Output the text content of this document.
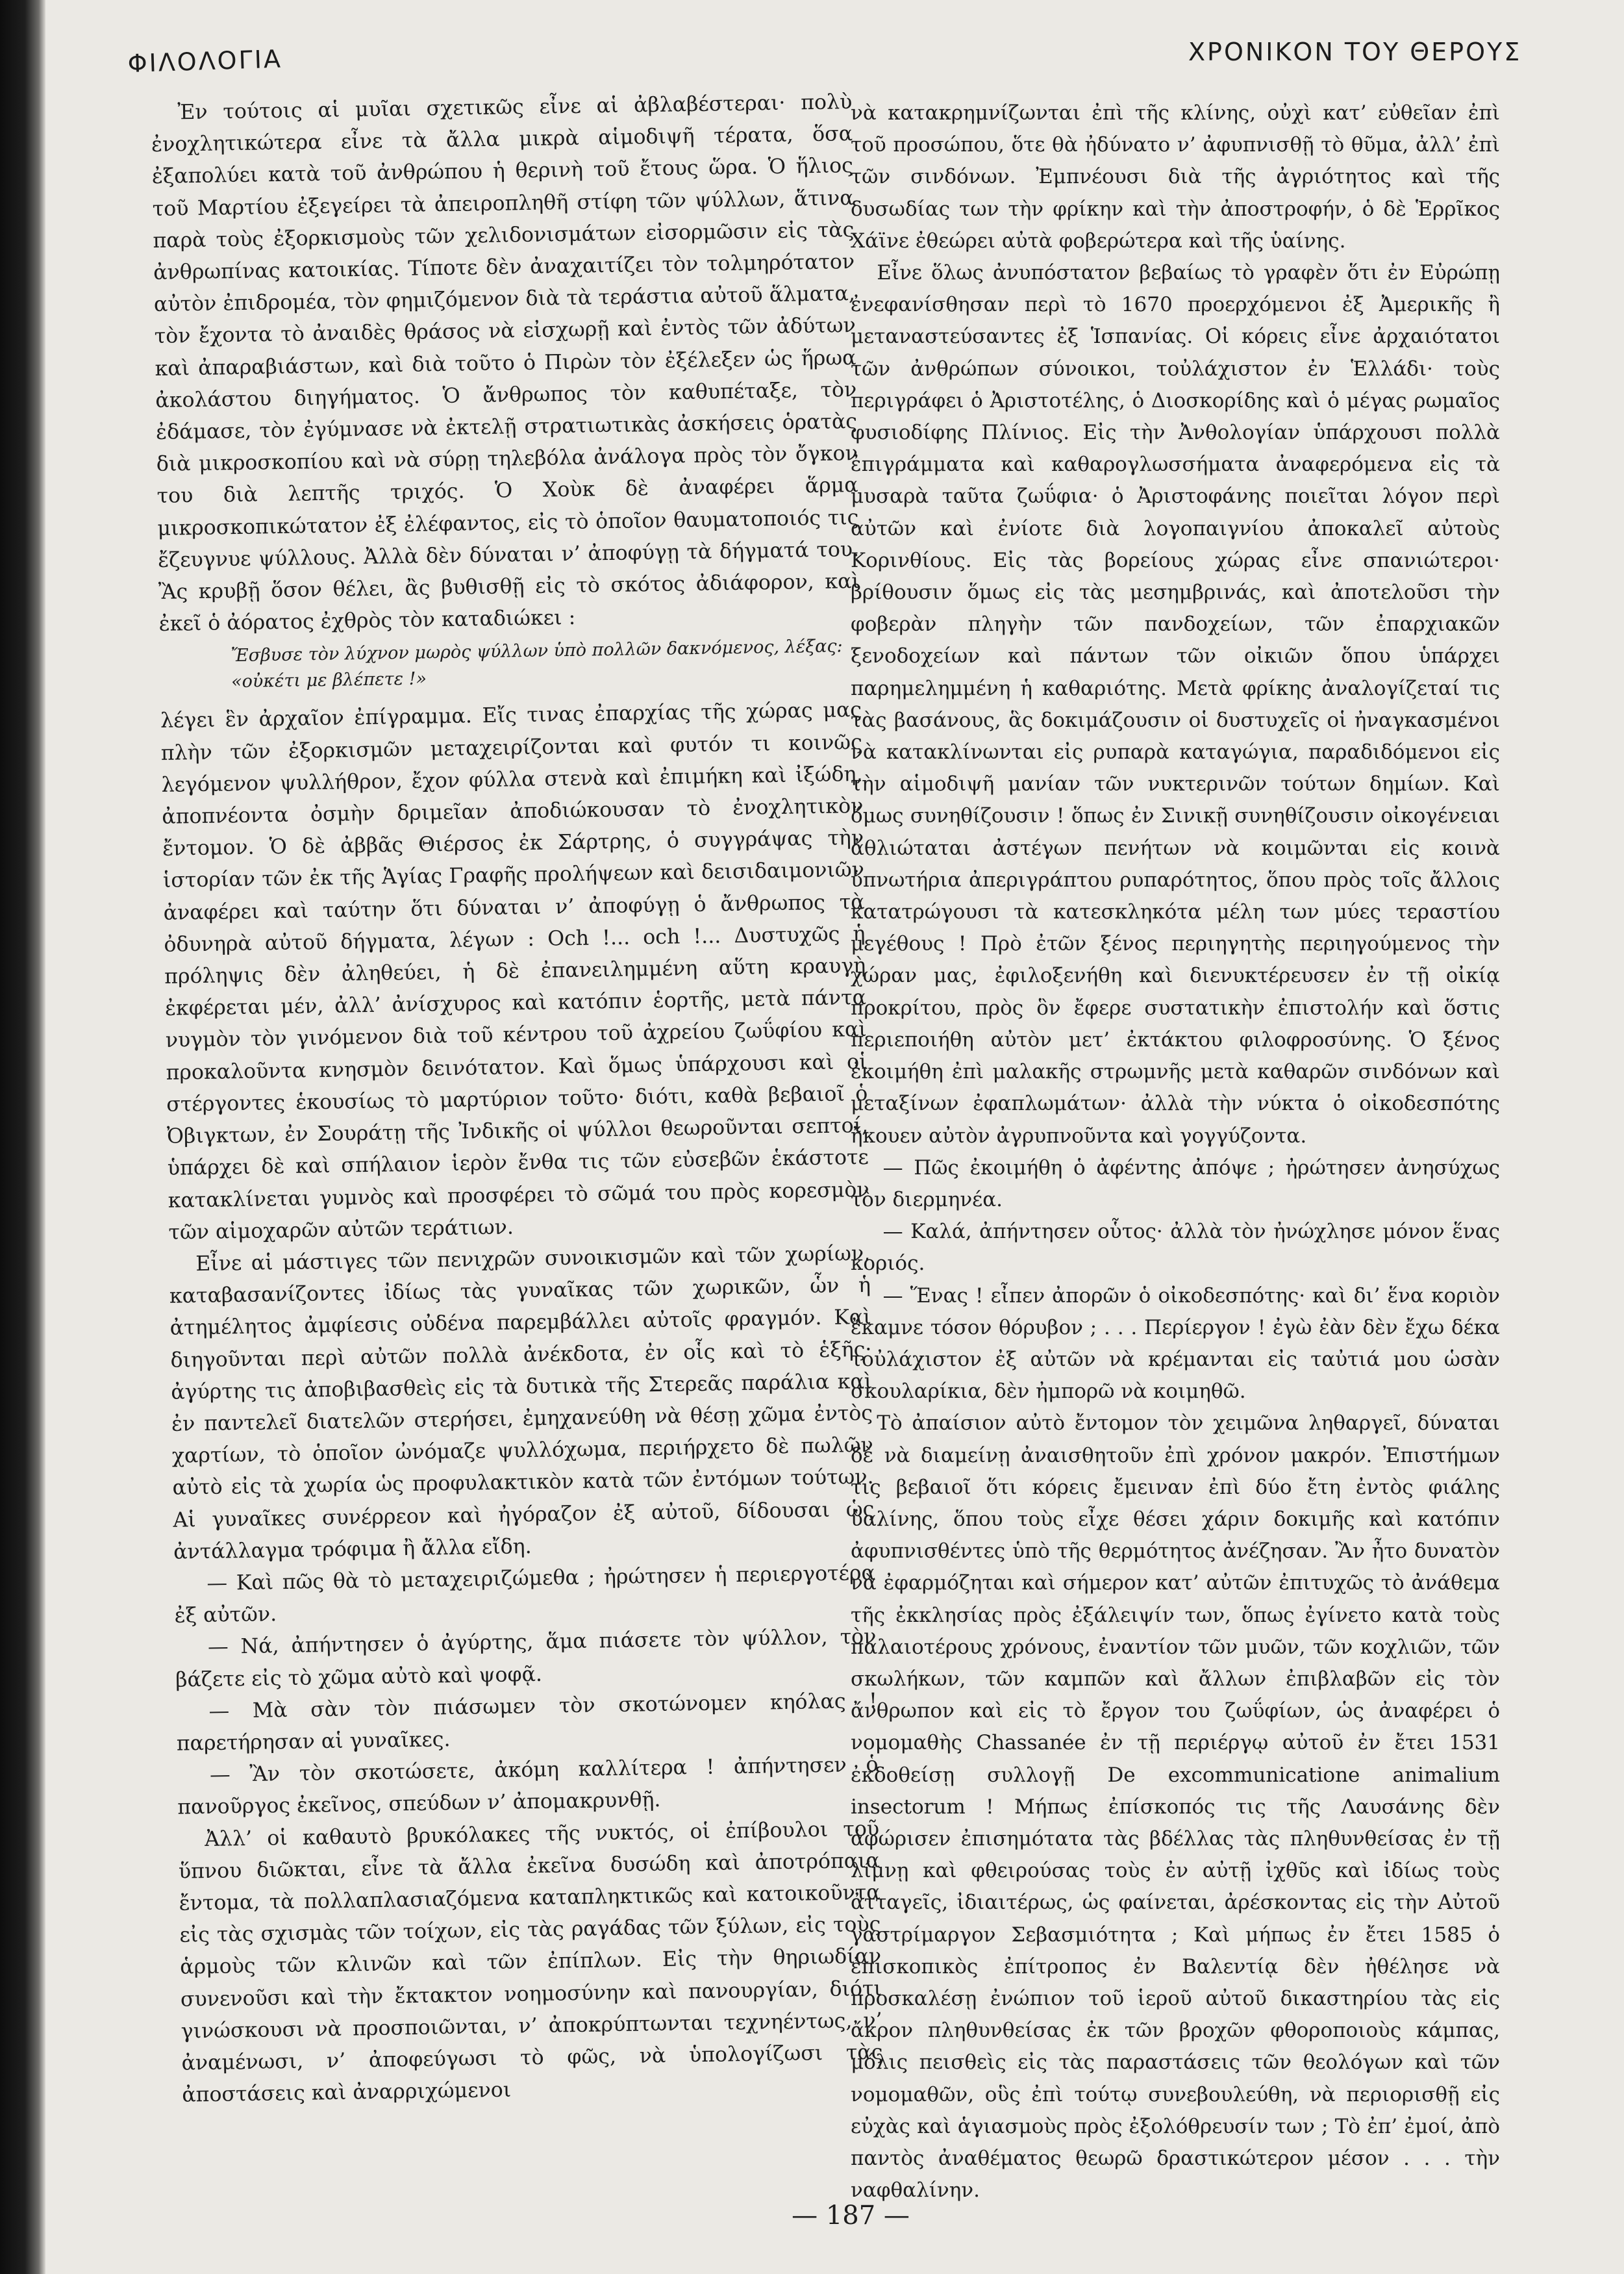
ΦΙΛΟΛΟΓΙΑ	ΧΡΟΝΙΚΟΝ ΤΟΥ ΘΕΡΟΥΣ

Ἐν τούτοις αἱ μυῖαι σχετικῶς εἶνε αἱ ἀβλαβέστεραι· πολὺ ἐνοχλητικώτερα εἶνε τὰ ἄλλα μικρὰ αἱμοδιψῆ τέρατα, ὅσα ἐξαπολύει κατὰ τοῦ ἀνθρώπου ἡ θερινὴ τοῦ ἔτους ὥρα. Ὁ ἥλιος τοῦ Μαρτίου ἐξεγείρει τὰ ἀπειροπληθῆ στίφη τῶν ψύλλων, ἅτινα παρὰ τοὺς ἐξορκισμοὺς τῶν χελιδονισμάτων εἰσορμῶσιν εἰς τὰς ἀνθρωπίνας κατοικίας. Τίποτε δὲν ἀναχαιτίζει τὸν τολμηρότατον αὐτὸν ἐπιδρομέα, τὸν φημιζόμενον διὰ τὰ τεράστια αὐτοῦ ἅλματα, τὸν ἔχοντα τὸ ἀναιδὲς θράσος νὰ εἰσχωρῇ καὶ ἐντὸς τῶν ἀδύτων καὶ ἀπαραβιάστων, καὶ διὰ τοῦτο ὁ Πιρὼν τὸν ἐξέλεξεν ὡς ἥρωα ἀκολάστου διηγήματος. Ὁ ἄνθρωπος τὸν καθυπέταξε, τὸν ἐδάμασε, τὸν ἐγύμνασε νὰ ἐκτελῇ στρατιωτικὰς ἀσκήσεις ὁρατὰς διὰ μικροσκοπίου καὶ νὰ σύρῃ τηλεβόλα ἀνάλογα πρὸς τὸν ὄγκον του διὰ λεπτῆς τριχός. Ὁ Χοὺκ δὲ ἀναφέρει ἅρμα μικροσκοπικώτατον ἐξ ἐλέφαντος, εἰς τὸ ὁποῖον θαυματοποιός τις ἔζευγνυε ψύλλους. Ἀλλὰ δὲν δύναται ν’ ἀποφύγῃ τὰ δήγματά του. Ἂς κρυβῇ ὅσον θέλει, ἂς βυθισθῇ εἰς τὸ σκότος ἀδιάφορον, καὶ ἐκεῖ ὁ ἀόρατος ἐχθρὸς τὸν καταδιώκει :

Ἔσβυσε τὸν λύχνον μωρὸς ψύλλων ὑπὸ πολλῶν δακνόμενος, λέξας: «οὐκέτι με βλέπετε !»

λέγει ἓν ἀρχαῖον ἐπίγραμμα. Εἴς τινας ἐπαρχίας τῆς χώρας μας πλὴν τῶν ἐξορκισμῶν μεταχειρίζονται καὶ φυτόν τι κοινῶς λεγόμενον ψυλλήθρον, ἔχον φύλλα στενὰ καὶ ἐπιμήκη καὶ ἰξώδη, ἀποπνέοντα ὀσμὴν δριμεῖαν ἀποδιώκουσαν τὸ ἐνοχλητικὸν ἔντομον. Ὁ δὲ ἀββᾶς Θιέρσος ἐκ Σάρτρης, ὁ συγγράψας τὴν ἱστορίαν τῶν ἐκ τῆς Ἁγίας Γραφῆς προλήψεων καὶ δεισιδαιμονιῶν ἀναφέρει καὶ ταύτην ὅτι δύναται ν’ ἀποφύγῃ ὁ ἄνθρωπος τὰ ὀδυνηρὰ αὐτοῦ δήγματα, λέγων : Och !... och !... Δυστυχῶς ἡ πρόληψις δὲν ἀληθεύει, ἡ δὲ ἐπανειλημμένη αὕτη κραυγὴ ἐκφέρεται μέν, ἀλλ’ ἀνίσχυρος καὶ κατόπιν ἑορτῆς, μετὰ πάντα νυγμὸν τὸν γινόμενον διὰ τοῦ κέντρου τοῦ ἀχρείου ζωΰφίου καὶ προκαλοῦντα κνησμὸν δεινότατον. Καὶ ὅμως ὑπάρχουσι καὶ οἱ στέργοντες ἑκουσίως τὸ μαρτύριον τοῦτο· διότι, καθὰ βεβαιοῖ ὁ Ὀβιγκτων, ἐν Σουράτῃ τῆς Ἰνδικῆς οἱ ψύλλοι θεωροῦνται σεπτοί, ὑπάρχει δὲ καὶ σπήλαιον ἱερὸν ἔνθα τις τῶν εὐσεβῶν ἑκάστοτε κατακλίνεται γυμνὸς καὶ προσφέρει τὸ σῶμά του πρὸς κορεσμὸν τῶν αἱμοχαρῶν αὐτῶν τεράτιων.

Εἶνε αἱ μάστιγες τῶν πενιχρῶν συνοικισμῶν καὶ τῶν χωρίων, καταβασανίζοντες ἰδίως τὰς γυναῖκας τῶν χωρικῶν, ὧν ἡ ἀτημέλητος ἀμφίεσις οὐδένα παρεμβάλλει αὐτοῖς φραγμόν. Καὶ διηγοῦνται περὶ αὐτῶν πολλὰ ἀνέκδοτα, ἐν οἷς καὶ τὸ ἑξῆς· ἀγύρτης τις ἀποβιβασθεὶς εἰς τὰ δυτικὰ τῆς Στερεᾶς παράλια καὶ ἐν παντελεῖ διατελῶν στερήσει, ἐμηχανεύθη νὰ θέσῃ χῶμα ἐντὸς χαρτίων, τὸ ὁποῖον ὠνόμαζε ψυλλόχωμα, περιήρχετο δὲ πωλῶν αὐτὸ εἰς τὰ χωρία ὡς προφυλακτικὸν κατὰ τῶν ἐντόμων τούτων. Αἱ γυναῖκες συνέρρεον καὶ ἠγόραζον ἐξ αὐτοῦ, δίδουσαι ὡς ἀντάλλαγμα τρόφιμα ἢ ἄλλα εἴδη.

— Καὶ πῶς θὰ τὸ μεταχειριζώμεθα ; ἠρώτησεν ἡ περιεργοτέρα ἐξ αὐτῶν.

— Νά, ἀπήντησεν ὁ ἀγύρτης, ἅμα πιάσετε τὸν ψύλλον, τὸν βάζετε εἰς τὸ χῶμα αὐτὸ καὶ ψοφᾷ.

— Μὰ σὰν τὸν πιάσωμεν τὸν σκοτώνομεν κηόλας ! παρετήρησαν αἱ γυναῖκες.

— Ἂν τὸν σκοτώσετε, ἀκόμη καλλίτερα ! ἀπήντησεν ὁ πανοῦργος ἐκεῖνος, σπεύδων ν’ ἀπομακρυνθῇ.

Ἀλλ’ οἱ καθαυτὸ βρυκόλακες τῆς νυκτός, οἱ ἐπίβουλοι τοῦ ὕπνου διῶκται, εἶνε τὰ ἄλλα ἐκεῖνα δυσώδη καὶ ἀποτρόπαια ἔντομα, τὰ πολλαπλασιαζόμενα καταπληκτικῶς καὶ κατοικοῦντα εἰς τὰς σχισμὰς τῶν τοίχων, εἰς τὰς ραγάδας τῶν ξύλων, εἰς τοὺς ἁρμοὺς τῶν κλινῶν καὶ τῶν ἐπίπλων. Εἰς τὴν θηριωδίαν συνενοῦσι καὶ τὴν ἔκτακτον νοημοσύνην καὶ πανουργίαν, διότι γινώσκουσι νὰ προσποιῶνται, ν’ ἀποκρύπτωνται τεχνηέντως, ν’ ἀναμένωσι, ν’ ἀποφεύγωσι τὸ φῶς, νὰ ὑπολογίζωσι τὰς ἀποστάσεις καὶ ἀναρριχώμενοι

νὰ κατακρημνίζωνται ἐπὶ τῆς κλίνης, οὐχὶ κατ’ εὐθεῖαν ἐπὶ τοῦ προσώπου, ὅτε θὰ ἠδύνατο ν’ ἀφυπνισθῇ τὸ θῦμα, ἀλλ’ ἐπὶ τῶν σινδόνων. Ἐμπνέουσι διὰ τῆς ἀγριότητος καὶ τῆς δυσωδίας των τὴν φρίκην καὶ τὴν ἀποστροφήν, ὁ δὲ Ἑρρῖκος Χάϊνε ἐθεώρει αὐτὰ φοβερώτερα καὶ τῆς ὑαίνης.

Εἶνε ὅλως ἀνυπόστατον βεβαίως τὸ γραφὲν ὅτι ἐν Εὐρώπῃ ἐνεφανίσθησαν περὶ τὸ 1670 προερχόμενοι ἐξ Ἀμερικῆς ἢ μεταναστεύσαντες ἐξ Ἱσπανίας. Οἱ κόρεις εἶνε ἀρχαιότατοι τῶν ἀνθρώπων σύνοικοι, τοὐλάχιστον ἐν Ἑλλάδι· τοὺς περιγράφει ὁ Ἀριστοτέλης, ὁ Διοσκορίδης καὶ ὁ μέγας ρωμαῖος φυσιοδίφης Πλίνιος. Εἰς τὴν Ἀνθολογίαν ὑπάρχουσι πολλὰ ἐπιγράμματα καὶ καθαρογλωσσήματα ἀναφερόμενα εἰς τὰ μυσαρὰ ταῦτα ζωΰφια· ὁ Ἀριστοφάνης ποιεῖται λόγον περὶ αὐτῶν καὶ ἐνίοτε διὰ λογοπαιγνίου ἀποκαλεῖ αὐτοὺς Κορινθίους. Εἰς τὰς βορείους χώρας εἶνε σπανιώτεροι· βρίθουσιν ὅμως εἰς τὰς μεσημβρινάς, καὶ ἀποτελοῦσι τὴν φοβερὰν πληγὴν τῶν πανδοχείων, τῶν ἐπαρχιακῶν ξενοδοχείων καὶ πάντων τῶν οἰκιῶν ὅπου ὑπάρχει παρημελημμένη ἡ καθαριότης. Μετὰ φρίκης ἀναλογίζεταί τις τὰς βασάνους, ἃς δοκιμάζουσιν οἱ δυστυχεῖς οἱ ἠναγκασμένοι νὰ κατακλίνωνται εἰς ρυπαρὰ καταγώγια, παραδιδόμενοι εἰς τὴν αἱμοδιψῆ μανίαν τῶν νυκτερινῶν τούτων δημίων. Καὶ ὅμως συνηθίζουσιν ! ὅπως ἐν Σινικῇ συνηθίζουσιν οἰκογένειαι ἀθλιώταται ἀστέγων πενήτων νὰ κοιμῶνται εἰς κοινὰ ὑπνωτήρια ἀπεριγράπτου ρυπαρότητος, ὅπου πρὸς τοῖς ἄλλοις κατατρώγουσι τὰ κατεσκληκότα μέλη των μύες τεραστίου μεγέθους ! Πρὸ ἐτῶν ξένος περιηγητὴς περιηγούμενος τὴν χώραν μας, ἐφιλοξενήθη καὶ διενυκτέρευσεν ἐν τῇ οἰκίᾳ προκρίτου, πρὸς ὃν ἔφερε συστατικὴν ἐπιστολήν καὶ ὅστις περιεποιήθη αὐτὸν μετ’ ἐκτάκτου φιλοφροσύνης. Ὁ ξένος ἐκοιμήθη ἐπὶ μαλακῆς στρωμνῆς μετὰ καθαρῶν σινδόνων καὶ μεταξίνων ἐφαπλωμάτων· ἀλλὰ τὴν νύκτα ὁ οἰκοδεσπότης ἤκουεν αὐτὸν ἀγρυπνοῦντα καὶ γογγύζοντα.

— Πῶς ἐκοιμήθη ὁ ἀφέντης ἀπόψε ; ἠρώτησεν ἀνησύχως τὸν διερμηνέα.

— Καλά, ἀπήντησεν οὗτος· ἀλλὰ τὸν ἠνώχλησε μόνον ἕνας κοριός.

— Ἕνας ! εἶπεν ἀπορῶν ὁ οἰκοδεσπότης· καὶ δι’ ἕνα κοριὸν ἔκαμνε τόσον θόρυβον ; . . . Περίεργον ! ἐγὼ ἐὰν δὲν ἔχω δέκα τοὐλάχιστον ἐξ αὐτῶν νὰ κρέμανται εἰς ταὐτιά μου ὡσὰν σκουλαρίκια, δὲν ἠμπορῶ νὰ κοιμηθῶ.

Τὸ ἀπαίσιον αὐτὸ ἔντομον τὸν χειμῶνα ληθαργεῖ, δύναται δὲ νὰ διαμείνῃ ἀναισθητοῦν ἐπὶ χρόνον μακρόν. Ἐπιστήμων τις βεβαιοῖ ὅτι κόρεις ἔμειναν ἐπὶ δύο ἔτη ἐντὸς φιάλης ὑαλίνης, ὅπου τοὺς εἶχε θέσει χάριν δοκιμῆς καὶ κατόπιν ἀφυπνισθέντες ὑπὸ τῆς θερμότητος ἀνέζησαν. Ἂν ἦτο δυνατὸν νὰ ἐφαρμόζηται καὶ σήμερον κατ’ αὐτῶν ἐπιτυχῶς τὸ ἀνάθεμα τῆς ἐκκλησίας πρὸς ἐξάλειψίν των, ὅπως ἐγίνετο κατὰ τοὺς παλαιοτέρους χρόνους, ἐναντίον τῶν μυῶν, τῶν κοχλιῶν, τῶν σκωλήκων, τῶν καμπῶν καὶ ἄλλων ἐπιβλαβῶν εἰς τὸν ἄνθρωπον καὶ εἰς τὸ ἔργον του ζωΰφίων, ὡς ἀναφέρει ὁ νομομαθὴς Chassanée ἐν τῇ περιέργῳ αὐτοῦ ἐν ἔτει 1531 ἐκδοθείσῃ συλλογῇ De excommunicatione animalium insectorum ! Μήπως ἐπίσκοπός τις τῆς Λαυσάνης δὲν ἀφώρισεν ἐπισημότατα τὰς βδέλλας τὰς πληθυνθείσας ἐν τῇ λίμνῃ καὶ φθειρούσας τοὺς ἐν αὐτῇ ἰχθῦς καὶ ἰδίως τοὺς ἀτταγεῖς, ἰδιαιτέρως, ὡς φαίνεται, ἀρέσκοντας εἰς τὴν Αὐτοῦ γαστρίμαργον Σεβασμιότητα ; Καὶ μήπως ἐν ἔτει 1585 ὁ ἐπισκοπικὸς ἐπίτροπος ἐν Βαλεντίᾳ δὲν ἠθέλησε νὰ προσκαλέσῃ ἐνώπιον τοῦ ἱεροῦ αὐτοῦ δικαστηρίου τὰς εἰς ἄκρον πληθυνθείσας ἐκ τῶν βροχῶν φθοροποιοὺς κάμπας, μόλις πεισθεὶς εἰς τὰς παραστάσεις τῶν θεολόγων καὶ τῶν νομομαθῶν, οὓς ἐπὶ τούτῳ συνεβουλεύθη, νὰ περιορισθῇ εἰς εὐχὰς καὶ ἁγιασμοὺς πρὸς ἐξολόθρευσίν των ; Τὸ ἐπ’ ἐμοί, ἀπὸ παντὸς ἀναθέματος θεωρῶ δραστικώτερον μέσον . . . τὴν ναφθαλίνην.

— 187 —
